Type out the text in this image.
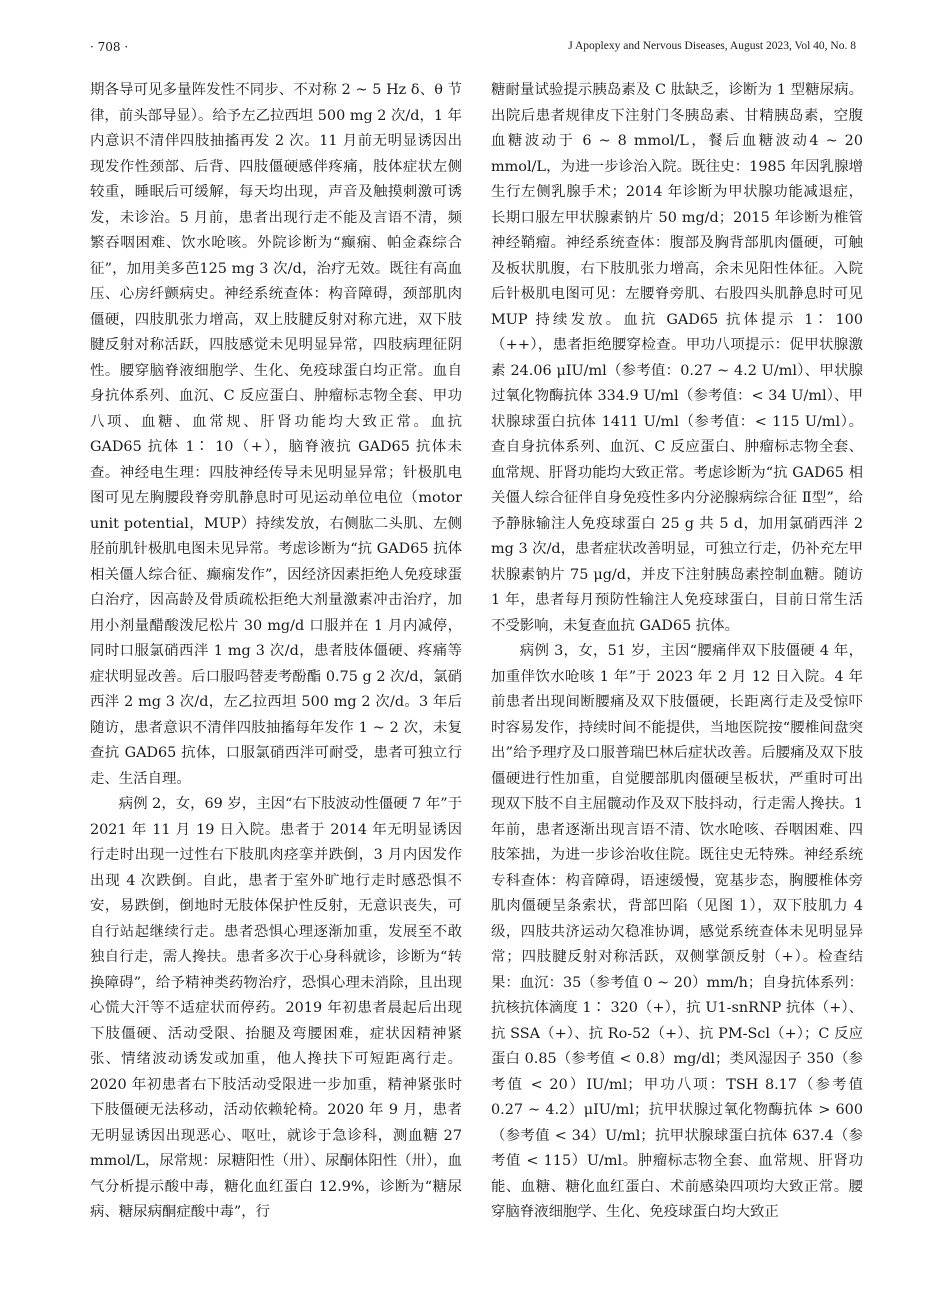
· 708 ·	J Apoplexy and Nervous Diseases, August 2023, Vol 40, No. 8

期各导可见多量阵发性不同步、不对称 2 ~ 5 Hz δ、θ 节律，前头部导显）。给予左乙拉西坦 500 mg 2 次/d，1 年内意识不清伴四肢抽搐再发 2 次。11 月前无明显诱因出现发作性颈部、后背、四肢僵硬感伴疼痛，肢体症状左侧较重，睡眠后可缓解，每天均出现，声音及触摸刺激可诱发，未诊治。5 月前，患者出现行走不能及言语不清，频繁吞咽困难、饮水呛咳。外院诊断为“癫痫、帕金森综合征”，加用美多芭125 mg 3 次/d，治疗无效。既往有高血压、心房纤颤病史。神经系统查体：构音障碍，颈部肌肉僵硬，四肢肌张力增高，双上肢腱反射对称亢进，双下肢腱反射对称活跃，四肢感觉未见明显异常，四肢病理征阴性。腰穿脑脊液细胞学、生化、免疫球蛋白均正常。血自身抗体系列、血沉、C 反应蛋白、肿瘤标志物全套、甲功八项、血糖、血常规、肝肾功能均大致正常。血抗 GAD65 抗体 1∶ 10（+），脑脊液抗 GAD65 抗体未查。神经电生理：四肢神经传导未见明显异常；针极肌电图可见左胸腰段脊旁肌静息时可见运动单位电位（motor unit potential，MUP）持续发放，右侧肱二头肌、左侧胫前肌针极肌电图未见异常。考虑诊断为“抗 GAD65 抗体相关僵人综合征、癫痫发作”，因经济因素拒绝人免疫球蛋白治疗，因高龄及骨质疏松拒绝大剂量激素冲击治疗，加用小剂量醋酸泼尼松片 30 mg/d 口服并在 1 月内减停，同时口服氯硝西泮 1 mg 3 次/d，患者肢体僵硬、疼痛等症状明显改善。后口服吗替麦考酚酯 0.75 g 2 次/d，氯硝西泮 2 mg 3 次/d，左乙拉西坦 500 mg 2 次/d。3 年后随访，患者意识不清伴四肢抽搐每年发作 1 ~ 2 次，未复查抗 GAD65 抗体，口服氯硝西泮可耐受，患者可独立行走、生活自理。

病例 2，女，69 岁，主因“右下肢波动性僵硬 7 年”于 2021 年 11 月 19 日入院。患者于 2014 年无明显诱因行走时出现一过性右下肢肌肉痉挛并跌倒，3 月内因发作出现 4 次跌倒。自此，患者于室外旷地行走时感恐惧不安，易跌倒，倒地时无肢体保护性反射，无意识丧失，可自行站起继续行走。患者恐惧心理逐渐加重，发展至不敢独自行走，需人搀扶。患者多次于心身科就诊，诊断为“转换障碍”，给予精神类药物治疗，恐惧心理未消除，且出现心慌大汗等不适症状而停药。2019 年初患者晨起后出现下肢僵硬、活动受限、抬腿及弯腰困难，症状因精神紧张、情绪波动诱发或加重，他人搀扶下可短距离行走。2020 年初患者右下肢活动受限进一步加重，精神紧张时下肢僵硬无法移动，活动依赖轮椅。2020 年 9 月，患者无明显诱因出现恶心、呕吐，就诊于急诊科，测血糖 27 mmol/L，尿常规：尿糖阳性（卅）、尿酮体阳性（卅），血气分析提示酸中毒，糖化血红蛋白 12.9%，诊断为“糖尿病、糖尿病酮症酸中毒”，行

糖耐量试验提示胰岛素及 C 肽缺乏，诊断为 1 型糖尿病。出院后患者规律皮下注射门冬胰岛素、甘精胰岛素，空腹血糖波动于 6 ~ 8 mmol/L，餐后血糖波动4 ~ 20 mmol/L，为进一步诊治入院。既往史：1985 年因乳腺增生行左侧乳腺手术；2014 年诊断为甲状腺功能减退症，长期口服左甲状腺素钠片 50 mg/d；2015 年诊断为椎管神经鞘瘤。神经系统查体：腹部及胸背部肌肉僵硬，可触及板状肌腹，右下肢肌张力增高，余未见阳性体征。入院后针极肌电图可见：左腰脊旁肌、右股四头肌静息时可见 MUP 持续发放。血抗 GAD65 抗体提示 1∶ 100（++），患者拒绝腰穿检查。甲功八项提示：促甲状腺激素 24.06 μIU/ml（参考值：0.27 ~ 4.2 U/ml）、甲状腺过氧化物酶抗体 334.9 U/ml（参考值：< 34 U/ml）、甲状腺球蛋白抗体 1411 U/ml（参考值：< 115 U/ml）。查自身抗体系列、血沉、C 反应蛋白、肿瘤标志物全套、血常规、肝肾功能均大致正常。考虑诊断为“抗 GAD65 相关僵人综合征伴自身免疫性多内分泌腺病综合征 Ⅱ型”，给予静脉输注人免疫球蛋白 25 g 共 5 d，加用氯硝西泮 2 mg 3 次/d，患者症状改善明显，可独立行走，仍补充左甲状腺素钠片 75 μg/d，并皮下注射胰岛素控制血糖。随访 1 年，患者每月预防性输注人免疫球蛋白，目前日常生活不受影响，未复查血抗 GAD65 抗体。

病例 3，女，51 岁，主因“腰痛伴双下肢僵硬 4 年，加重伴饮水呛咳 1 年”于 2023 年 2 月 12 日入院。4 年前患者出现间断腰痛及双下肢僵硬，长距离行走及受惊吓时容易发作，持续时间不能提供，当地医院按“腰椎间盘突出”给予理疗及口服普瑞巴林后症状改善。后腰痛及双下肢僵硬进行性加重，自觉腰部肌肉僵硬呈板状，严重时可出现双下肢不自主屈髋动作及双下肢抖动，行走需人搀扶。1 年前，患者逐渐出现言语不清、饮水呛咳、吞咽困难、四肢笨拙，为进一步诊治收住院。既往史无特殊。神经系统专科查体：构音障碍，语速缓慢，宽基步态，胸腰椎体旁肌肉僵硬呈条索状，背部凹陷（见图 1），双下肢肌力 4 级，四肢共济运动欠稳准协调，感觉系统查体未见明显异常；四肢腱反射对称活跃，双侧掌颌反射（+）。检查结果：血沉：35（参考值 0 ~ 20）mm/h；自身抗体系列：抗核抗体滴度 1∶ 320（+），抗 U1-snRNP 抗体（+）、抗 SSA（+）、抗 Ro-52（+）、抗 PM-Scl（+）；C 反应蛋白 0.85（参考值 < 0.8）mg/dl；类风湿因子 350（参考值 < 20）IU/ml；甲功八项：TSH 8.17（参考值 0.27 ~ 4.2）μIU/ml；抗甲状腺过氧化物酶抗体 > 600（参考值 < 34）U/ml；抗甲状腺球蛋白抗体 637.4（参考值 < 115）U/ml。肿瘤标志物全套、血常规、肝肾功能、血糖、糖化血红蛋白、术前感染四项均大致正常。腰穿脑脊液细胞学、生化、免疫球蛋白均大致正
